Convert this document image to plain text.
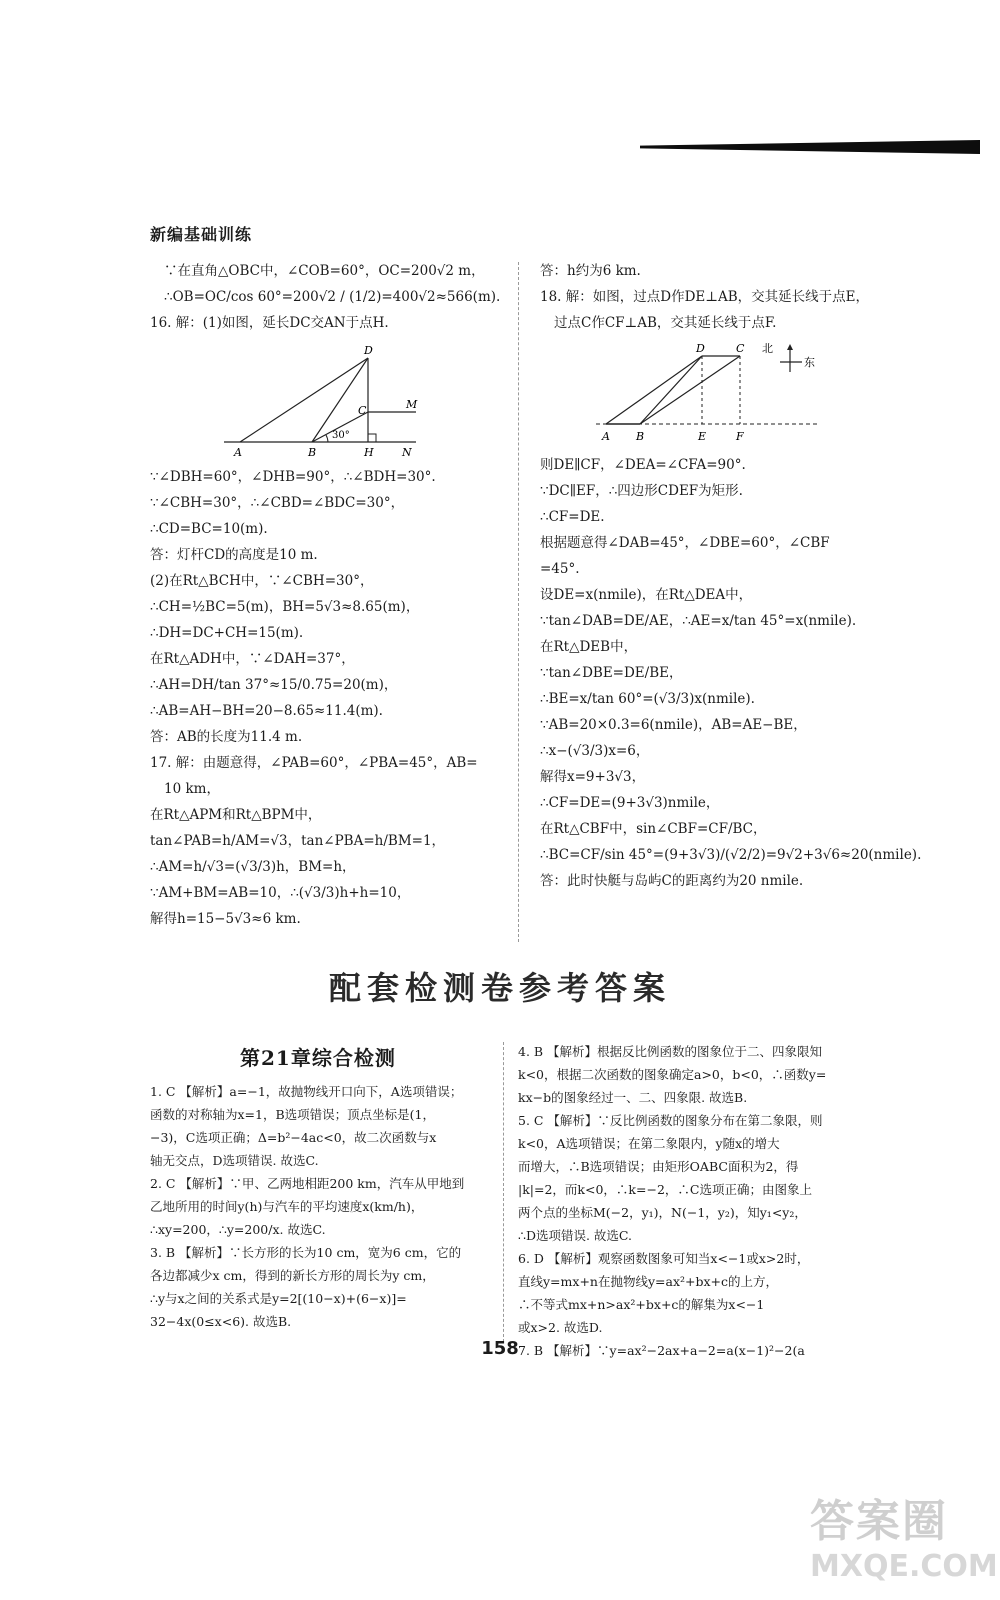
新编基础训练
∵在直角△OBC中，∠COB=60°，OC=200√2 m，
∴OB=OC/cos 60°=200√2 / (1/2)=400√2≈566(m).
16. 解：(1)如图，延长DC交AN于点H.
D
C	M
A	B	H	N
30°
∵∠DBH=60°，∠DHB=90°，∴∠BDH=30°.
∵∠CBH=30°，∴∠CBD=∠BDC=30°，
∴CD=BC=10(m).
答：灯杆CD的高度是10 m.
(2)在Rt△BCH中，∵∠CBH=30°，
∴CH=½BC=5(m)，BH=5√3≈8.65(m)，
∴DH=DC+CH=15(m).
在Rt△ADH中，∵∠DAH=37°，
∴AH=DH/tan 37°≈15/0.75=20(m)，
∴AB=AH−BH=20−8.65≈11.4(m).
答：AB的长度为11.4 m.
17. 解：由题意得，∠PAB=60°，∠PBA=45°，AB=
10 km，
在Rt△APM和Rt△BPM中，
tan∠PAB=h/AM=√3，tan∠PBA=h/BM=1，
∴AM=h/√3=(√3/3)h，BM=h，
∵AM+BM=AB=10，∴(√3/3)h+h=10，
解得h=15−5√3≈6 km.
答：h约为6 km.
18. 解：如图，过点D作DE⊥AB，交其延长线于点E，
过点C作CF⊥AB，交其延长线于点F.
D	C
A B	E	F
北
东
则DE∥CF，∠DEA=∠CFA=90°.
∵DC∥EF，∴四边形CDEF为矩形.
∴CF=DE.
根据题意得∠DAB=45°，∠DBE=60°，∠CBF
=45°.
设DE=x(nmile)，在Rt△DEA中，
∵tan∠DAB=DE/AE，∴AE=x/tan 45°=x(nmile).
在Rt△DEB中，
∵tan∠DBE=DE/BE，
∴BE=x/tan 60°=(√3/3)x(nmile).
∵AB=20×0.3=6(nmile)，AB=AE−BE，
∴x−(√3/3)x=6，
解得x=9+3√3，
∴CF=DE=(9+3√3)nmile，
在Rt△CBF中，sin∠CBF=CF/BC，
∴BC=CF/sin 45°=(9+3√3)/(√2/2)=9√2+3√6≈20(nmile).
答：此时快艇与岛屿C的距离约为20 nmile.
配套检测卷参考答案
第21章综合检测
1. C 【解析】a=−1，故抛物线开口向下，A选项错误；
函数的对称轴为x=1，B选项错误；顶点坐标是(1，
−3)，C选项正确；Δ=b²−4ac<0，故二次函数与x
轴无交点，D选项错误. 故选C.
2. C 【解析】∵甲、乙两地相距200 km，汽车从甲地到
乙地所用的时间y(h)与汽车的平均速度x(km/h)，
∴xy=200，∴y=200/x. 故选C.
3. B 【解析】∵长方形的长为10 cm，宽为6 cm，它的
各边都减少x cm，得到的新长方形的周长为y cm，
∴y与x之间的关系式是y=2[(10−x)+(6−x)]=
32−4x(0≤x<6). 故选B.
4. B 【解析】根据反比例函数的图象位于二、四象限知
k<0，根据二次函数的图象确定a>0，b<0，∴函数y=
kx−b的图象经过一、二、四象限. 故选B.
5. C 【解析】∵反比例函数的图象分布在第二象限，则
k<0，A选项错误；在第二象限内，y随x的增大
而增大，∴B选项错误；由矩形OABC面积为2，得
|k|=2，而k<0，∴k=−2，∴C选项正确；由图象上
两个点的坐标M(−2，y₁)，N(−1，y₂)，知y₁<y₂，
∴D选项错误. 故选C.
6. D 【解析】观察函数图象可知当x<−1或x>2时，
直线y=mx+n在抛物线y=ax²+bx+c的上方，
∴不等式mx+n>ax²+bx+c的解集为x<−1
或x>2. 故选D.
7. B 【解析】∵y=ax²−2ax+a−2=a(x−1)²−2(a
158
答案圈
MXQE.COM
